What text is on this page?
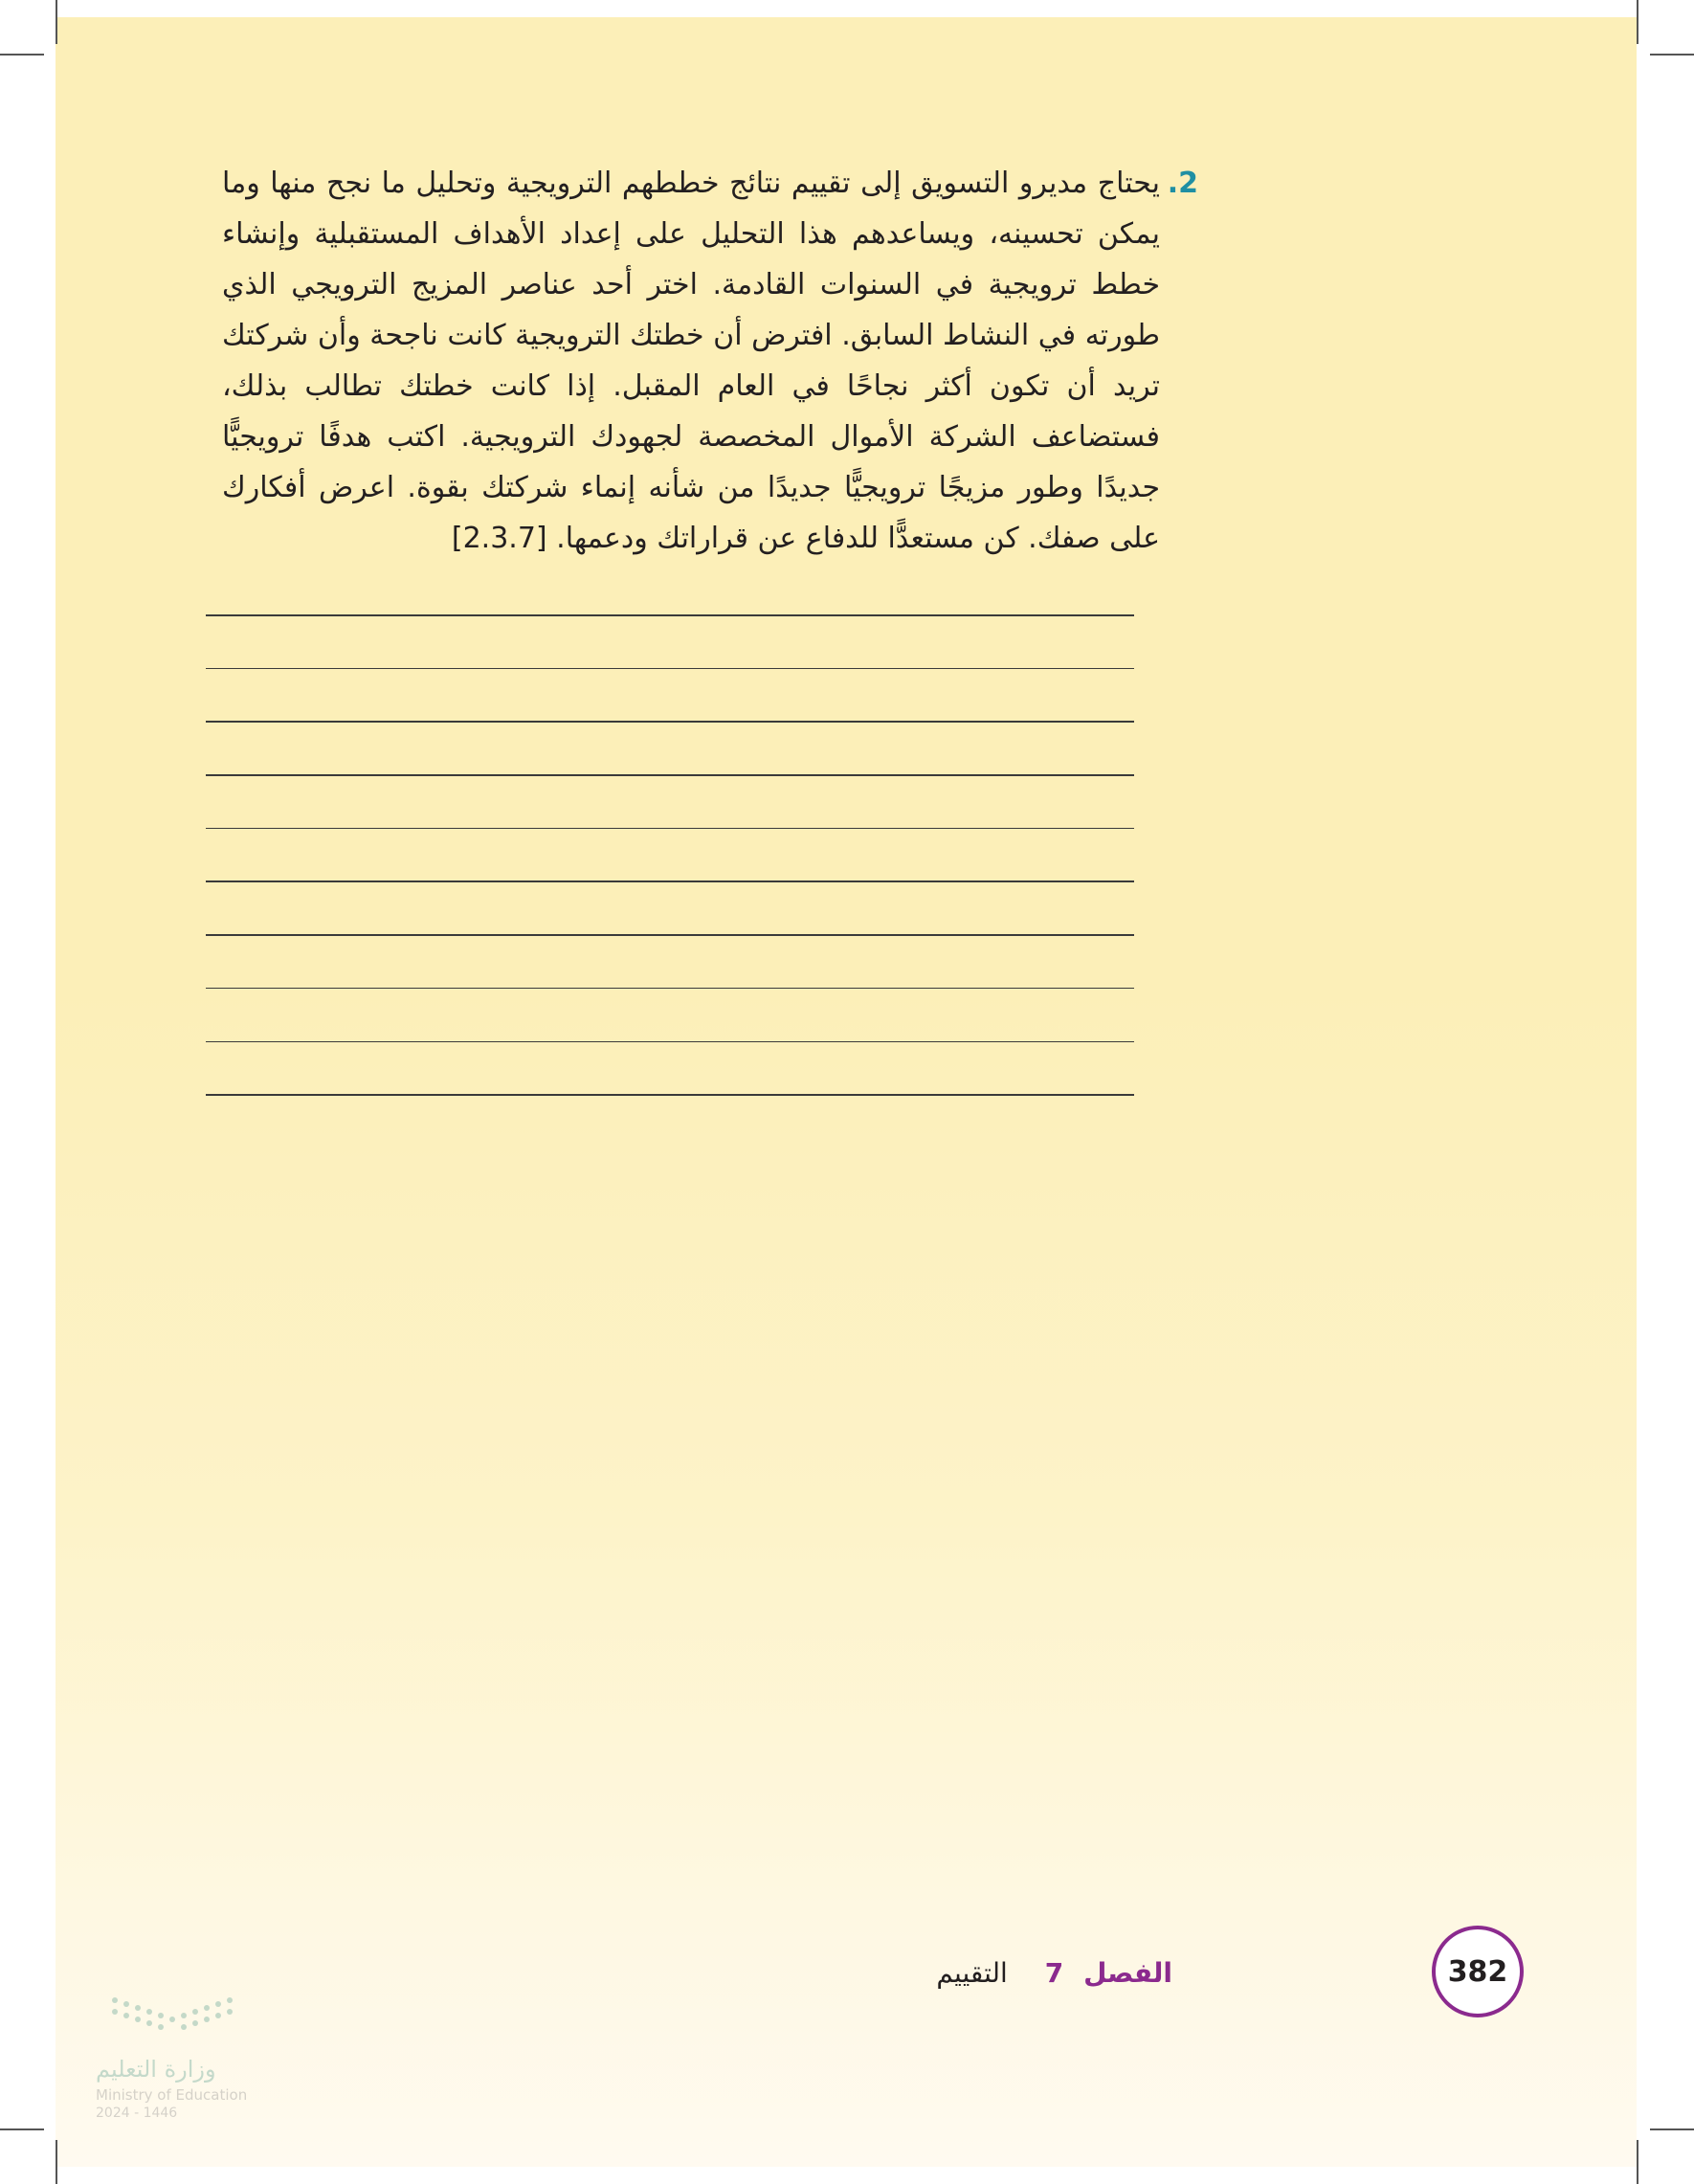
.2
يحتاج مديرو التسويق إلى تقييم نتائج خططهم الترويجية وتحليل ما نجح منها وما يمكن تحسينه، ويساعدهم هذا التحليل على إعداد الأهداف المستقبلية وإنشاء خطط ترويجية في السنوات القادمة. اختر أحد عناصر المزيج الترويجي الذي طورته في النشاط السابق. افترض أن خطتك الترويجية كانت ناجحة وأن شركتك تريد أن تكون أكثر نجاحًا في العام المقبل. إذا كانت خطتك تطالب بذلك، فستضاعف الشركة الأموال المخصصة لجهودك الترويجية. اكتب هدفًا ترويجيًّا جديدًا وطور مزيجًا ترويجيًّا جديدًا من شأنه إنماء شركتك بقوة. اعرض أفكارك على صفك. كن مستعدًّا للدفاع عن قراراتك ودعمها. [2.3.7]
382
الفصل 7 التقييم
وزارة التعليم
Ministry of Education
2024 - 1446
